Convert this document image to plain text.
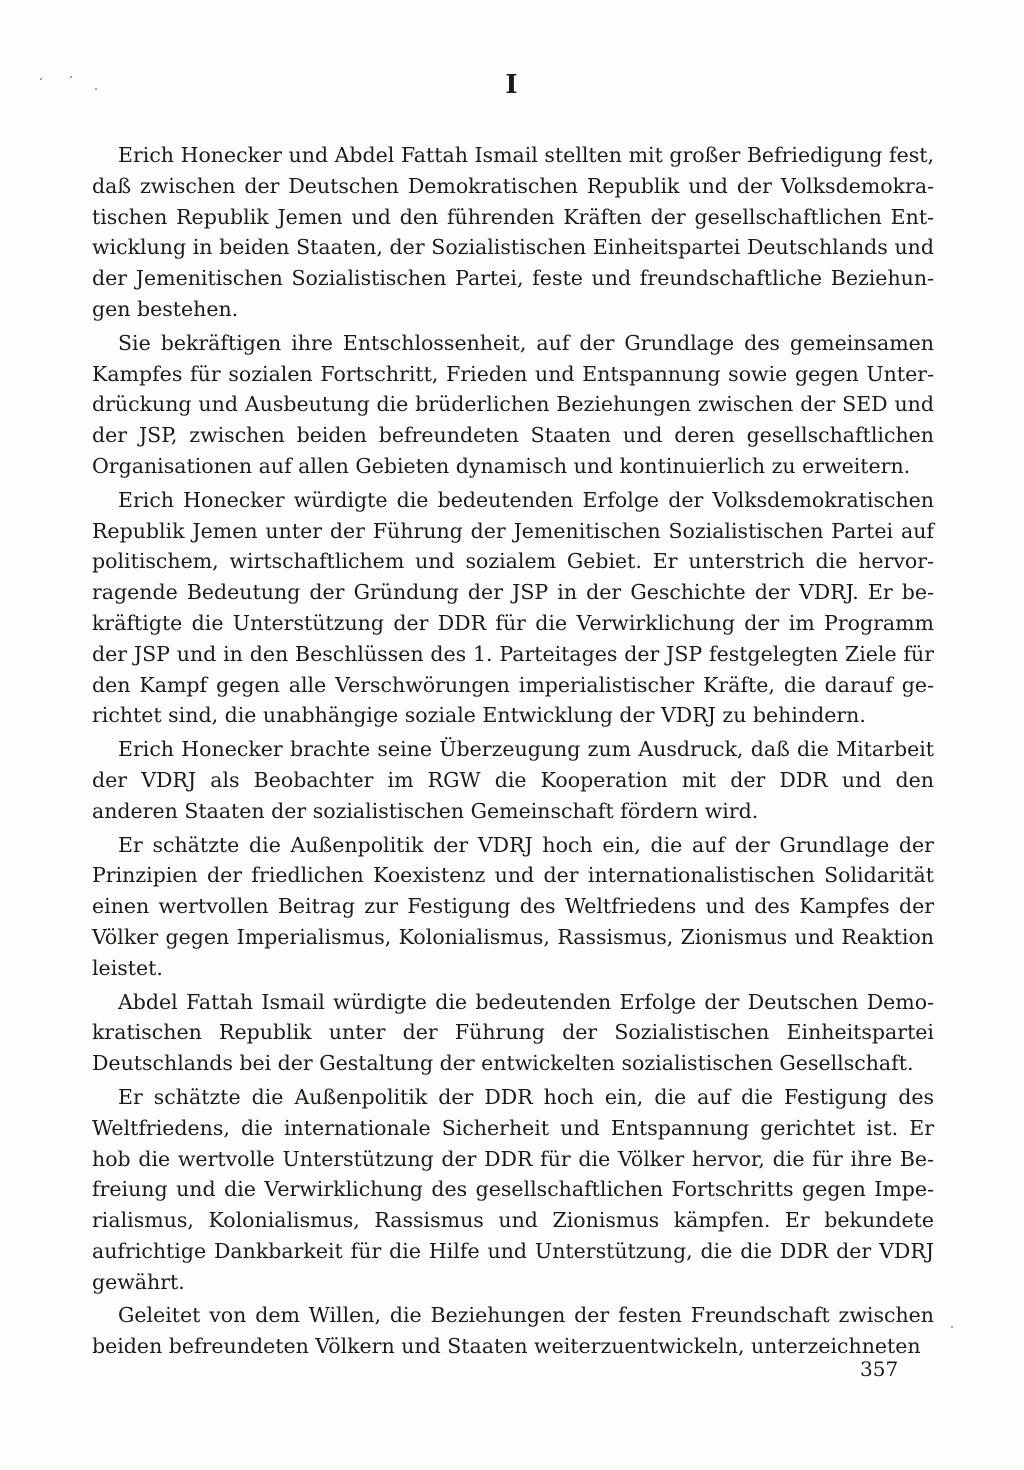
I

Erich Honecker und Abdel Fattah Ismail stellten mit großer Befriedigung fest, daß zwischen der Deutschen Demokratischen Republik und der Volksdemokratischen Republik Jemen und den führenden Kräften der gesellschaftlichen Entwicklung in beiden Staaten, der Sozialistischen Einheitspartei Deutschlands und der Jemenitischen Sozialistischen Partei, feste und freundschaftliche Beziehungen bestehen.

Sie bekräftigen ihre Entschlossenheit, auf der Grundlage des gemeinsamen Kampfes für sozialen Fortschritt, Frieden und Entspannung sowie gegen Unterdrückung und Ausbeutung die brüderlichen Beziehungen zwischen der SED und der JSP, zwischen beiden befreundeten Staaten und deren gesellschaftlichen Organisationen auf allen Gebieten dynamisch und kontinuierlich zu erweitern.

Erich Honecker würdigte die bedeutenden Erfolge der Volksdemokratischen Republik Jemen unter der Führung der Jemenitischen Sozialistischen Partei auf politischem, wirtschaftlichem und sozialem Gebiet. Er unterstrich die hervorragende Bedeutung der Gründung der JSP in der Geschichte der VDRJ. Er bekräftigte die Unterstützung der DDR für die Verwirklichung der im Programm der JSP und in den Beschlüssen des 1. Parteitages der JSP festgelegten Ziele für den Kampf gegen alle Verschwörungen imperialistischer Kräfte, die darauf gerichtet sind, die unabhängige soziale Entwicklung der VDRJ zu behindern.

Erich Honecker brachte seine Überzeugung zum Ausdruck, daß die Mitarbeit der VDRJ als Beobachter im RGW die Kooperation mit der DDR und den anderen Staaten der sozialistischen Gemeinschaft fördern wird.

Er schätzte die Außenpolitik der VDRJ hoch ein, die auf der Grundlage der Prinzipien der friedlichen Koexistenz und der internationalistischen Solidarität einen wertvollen Beitrag zur Festigung des Weltfriedens und des Kampfes der Völker gegen Imperialismus, Kolonialismus, Rassismus, Zionismus und Reaktion leistet.

Abdel Fattah Ismail würdigte die bedeutenden Erfolge der Deutschen Demokratischen Republik unter der Führung der Sozialistischen Einheitspartei Deutschlands bei der Gestaltung der entwickelten sozialistischen Gesellschaft.

Er schätzte die Außenpolitik der DDR hoch ein, die auf die Festigung des Weltfriedens, die internationale Sicherheit und Entspannung gerichtet ist. Er hob die wertvolle Unterstützung der DDR für die Völker hervor, die für ihre Befreiung und die Verwirklichung des gesellschaftlichen Fortschritts gegen Imperialismus, Kolonialismus, Rassismus und Zionismus kämpfen. Er bekundete aufrichtige Dankbarkeit für die Hilfe und Unterstützung, die die DDR der VDRJ gewährt.

Geleitet von dem Willen, die Beziehungen der festen Freundschaft zwischen beiden befreundeten Völkern und Staaten weiterzuentwickeln, unterzeichneten

357
